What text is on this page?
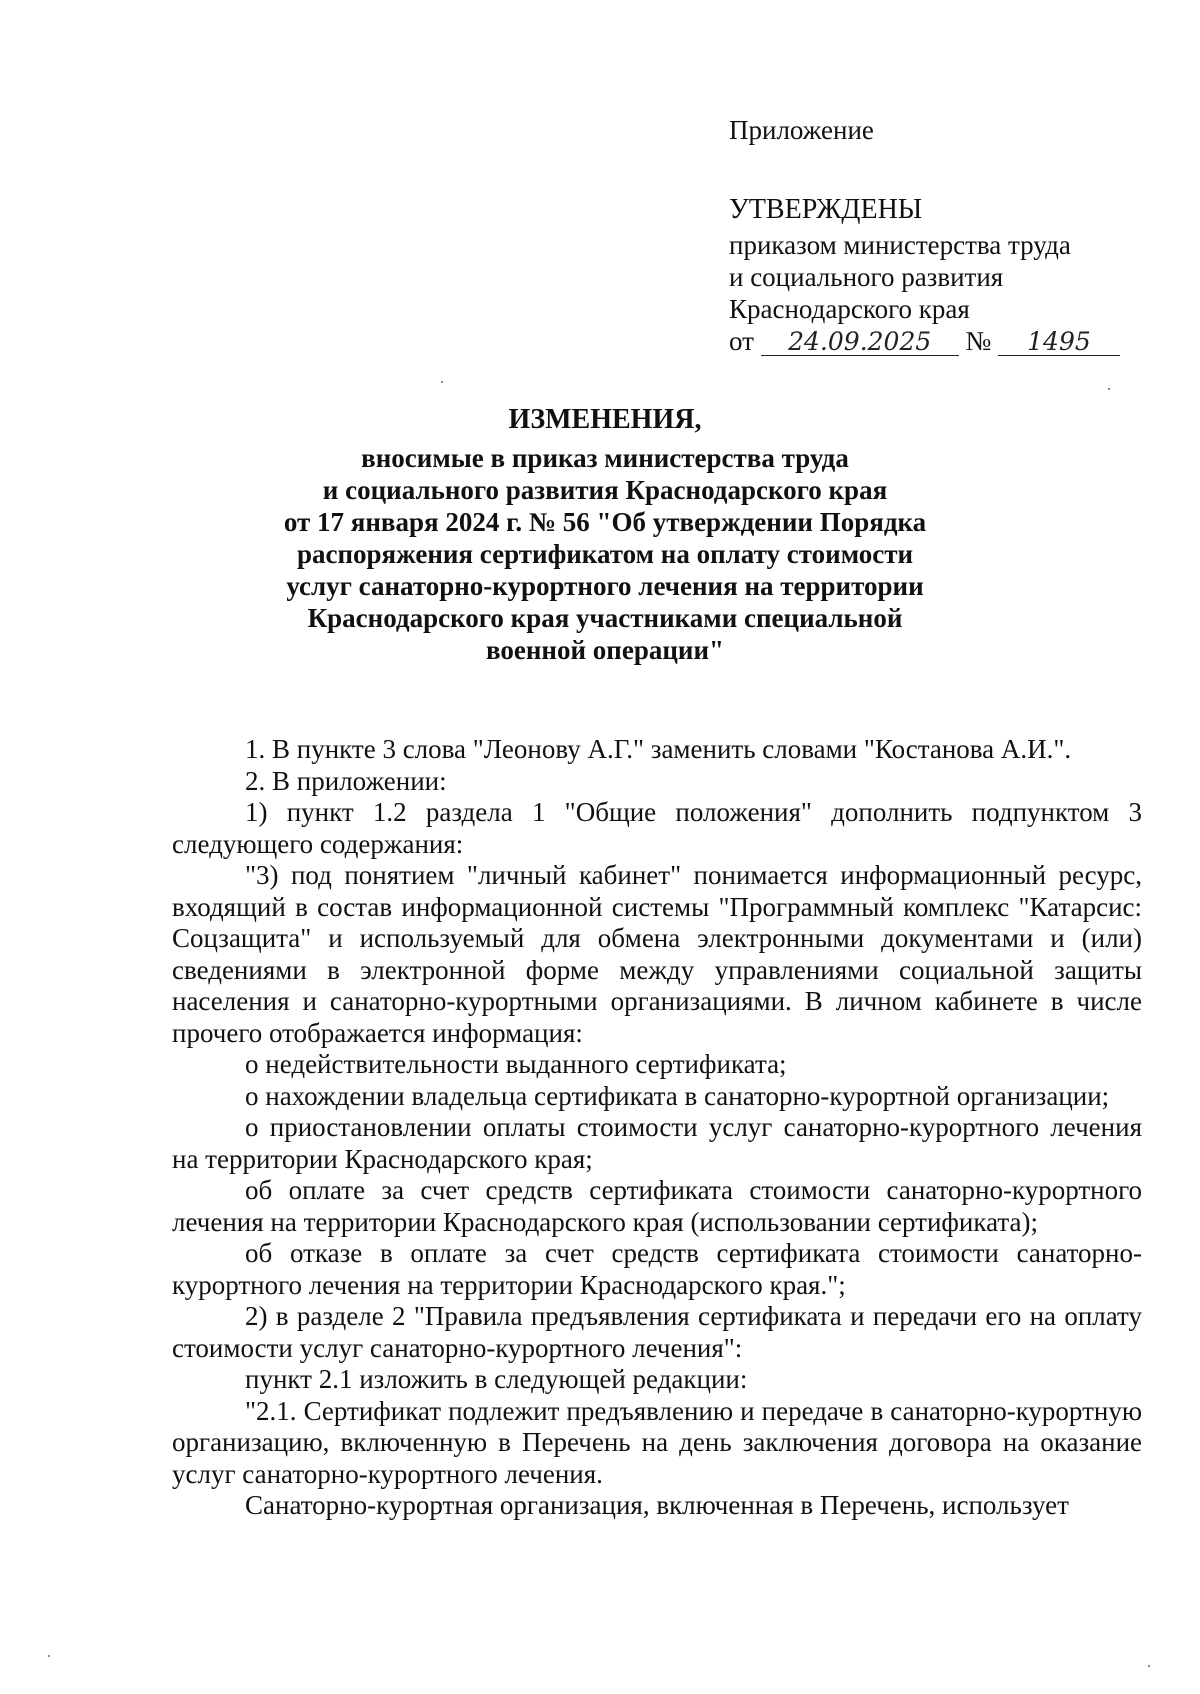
Приложение
УТВЕРЖДЕНЫ
приказом министерства труда
и социального развития
Краснодарского края
от 24.09.2025 № 1495
ИЗМЕНЕНИЯ,
вносимые в приказ министерства труда
и социального развития Краснодарского края
от 17 января 2024 г. № 56 "Об утверждении Порядка
распоряжения сертификатом на оплату стоимости
услуг санаторно-курортного лечения на территории
Краснодарского края участниками специальной
военной операции"

1. В пункте 3 слова "Леонову А.Г." заменить словами "Костанова А.И.".

2. В приложении:

1) пункт 1.2 раздела 1 "Общие положения" дополнить подпунктом 3 следующего содержания:

"3) под понятием "личный кабинет" понимается информационный ресурс, входящий в состав информационной системы "Программный комплекс "Катарсис: Соцзащита" и используемый для обмена электронными документами и (или) сведениями в электронной форме между управлениями социальной защиты населения и санаторно-курортными организациями. В личном кабинете в числе прочего отображается информация:

о недействительности выданного сертификата;

о нахождении владельца сертификата в санаторно-курортной организации;

о приостановлении оплаты стоимости услуг санаторно-курортного лечения на территории Краснодарского края;

об оплате за счет средств сертификата стоимости санаторно-курортного лечения на территории Краснодарского края (использовании сертификата);

об отказе в оплате за счет средств сертификата стоимости санаторно-курортного лечения на территории Краснодарского края.";

2) в разделе 2 "Правила предъявления сертификата и передачи его на оплату стоимости услуг санаторно-курортного лечения":

пункт 2.1 изложить в следующей редакции:

"2.1. Сертификат подлежит предъявлению и передаче в санаторно-курортную организацию, включенную в Перечень на день заключения договора на оказание услуг санаторно-курортного лечения.

Санаторно-курортная организация, включенная в Перечень, использует
